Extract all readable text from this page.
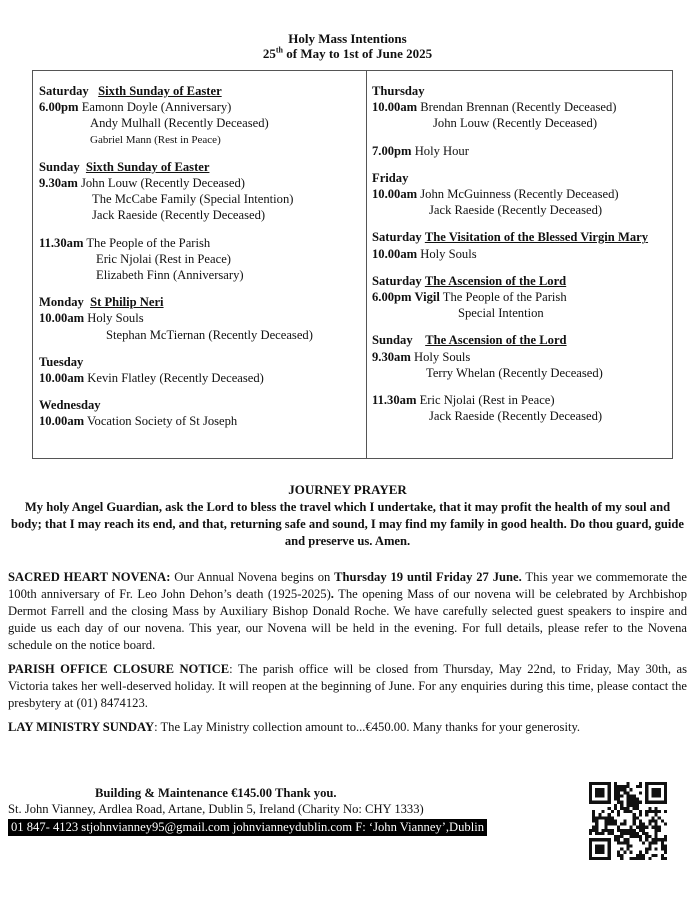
Holy Mass Intentions
25th of May to 1st of June 2025
Saturday Sixth Sunday of Easter
6.00pm Eamonn Doyle (Anniversary)
Andy Mulhall (Recently Deceased)
Gabriel Mann (Rest in Peace)
Sunday Sixth Sunday of Easter
9.30am John Louw (Recently Deceased)
The McCabe Family (Special Intention)
Jack Raeside (Recently Deceased)
11.30am The People of the Parish
Eric Njolai (Rest in Peace)
Elizabeth Finn (Anniversary)
Monday St Philip Neri
10.00am Holy Souls
Stephan McTiernan (Recently Deceased)
Tuesday
10.00am Kevin Flatley (Recently Deceased)
Wednesday
10.00am Vocation Society of St Joseph
Thursday
10.00am Brendan Brennan (Recently Deceased)
John Louw (Recently Deceased)
7.00pm Holy Hour
Friday
10.00am John McGuinness (Recently Deceased)
Jack Raeside (Recently Deceased)
Saturday The Visitation of the Blessed Virgin Mary
10.00am Holy Souls
Saturday The Ascension of the Lord
6.00pm Vigil The People of the Parish
Special Intention
Sunday The Ascension of the Lord
9.30am Holy Souls
Terry Whelan (Recently Deceased)
11.30am Eric Njolai (Rest in Peace)
Jack Raeside (Recently Deceased)
JOURNEY PRAYER
My holy Angel Guardian, ask the Lord to bless the travel which I undertake, that it may profit the health of my soul and body; that I may reach its end, and that, returning safe and sound, I may find my family in good health. Do thou guard, guide and preserve us. Amen.
SACRED HEART NOVENA: Our Annual Novena begins on Thursday 19 until Friday 27 June. This year we commemorate the 100th anniversary of Fr. Leo John Dehon’s death (1925-2025). The opening Mass of our novena will be celebrated by Archbishop Dermot Farrell and the closing Mass by Auxiliary Bishop Donald Roche. We have carefully selected guest speakers to inspire and guide us each day of our novena. This year, our Novena will be held in the evening. For full details, please refer to the Novena schedule on the notice board.
PARISH OFFICE CLOSURE NOTICE: The parish office will be closed from Thursday, May 22nd, to Friday, May 30th, as Victoria takes her well-deserved holiday. It will reopen at the beginning of June. For any enquiries during this time, please contact the presbytery at (01) 8474123.
LAY MINISTRY SUNDAY: The Lay Ministry collection amount to...€450.00. Many thanks for your generosity.
Building & Maintenance €145.00 Thank you.
St. John Vianney, Ardlea Road, Artane, Dublin 5, Ireland (Charity No: CHY 1333)
01 847- 4123 stjohnvianney95@gmail.com johnvianneydublin.com F: ‘John Vianney’,Dublin
